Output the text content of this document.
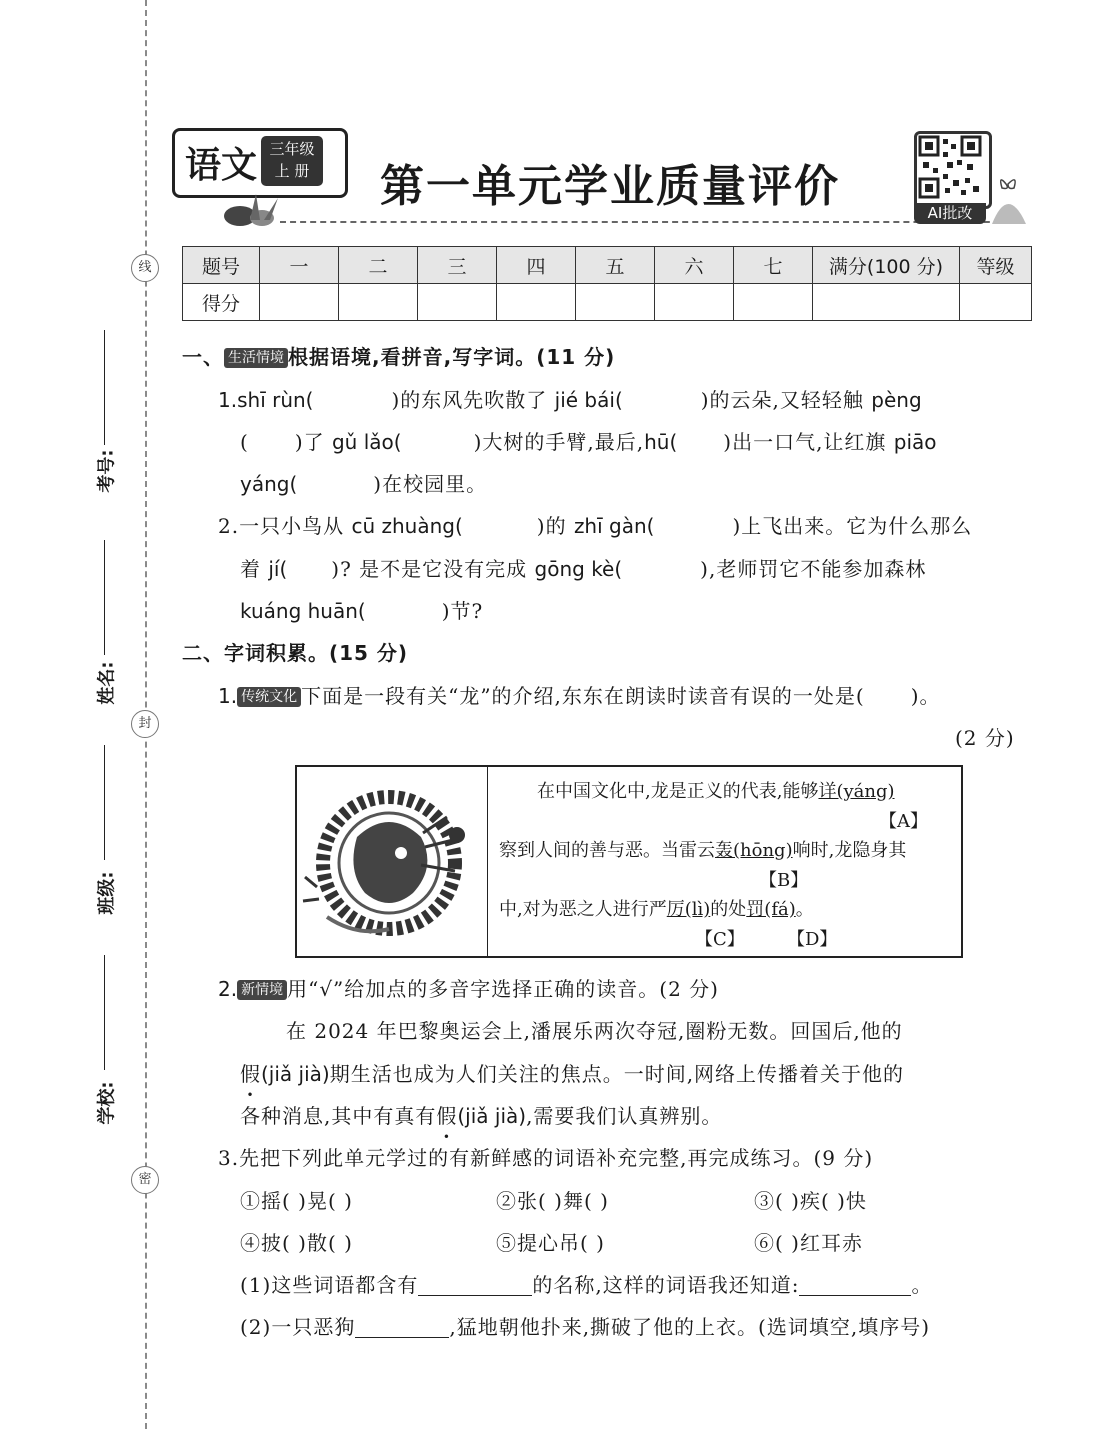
线
封
密
考号:
姓名:
班级:
学校:
语文 三年级
上 册	第一单元学业质量评价
AI批改
题号	一	二	三	四	五	六	七	满分(100 分)	等级
得分									
一、 生活情境 根据语境,看拼音,写字词。(11 分)
1.shī rùn(	)的东风先吹散了 jié bái(	)的云朵,又轻轻触 pèng
( )了 gǔ lǎo(	)大树的手臂,最后,hū( )出一口气,让红旗 piāo
yáng(	)在校园里。
2.一只小鸟从 cū zhuàng(	)的 zhī gàn(	)上飞出来。它为什么那么
着 jí( )? 是不是它没有完成 gōng kè(	),老师罚它不能参加森林
kuáng huān(	)节?
二、字词积累。(15 分)
1. 传统文化 下面是一段有关“龙”的介绍,东东在朗读时读音有误的一处是( )。
(2 分)
在中国文化中,龙是正义的代表,能够详(yáng)
【A】
察到人间的善与恶。当雷云轰(hōng)响时,龙隐身其
【B】
中,对为恶之人进行严厉(lì)的处罚(fá)。
【C】 【D】
2. 新情境 用“√”给加点的多音字选择正确的读音。(2 分)
在 2024 年巴黎奥运会上,潘展乐两次夺冠,圈粉无数。回国后,他的
假(jiǎ jià)期生活也成为人们关注的焦点。一时间,网络上传播着关于他的
各种消息,其中有真有假(jiǎ jià),需要我们认真辨别。
3.先把下列此单元学过的有新鲜感的词语补充完整,再完成练习。(9 分)
①摇( )晃( )	②张( )舞( )	③( )疾( )快
④披( )散( )	⑤提心吊( )	⑥( )红耳赤
(1)这些词语都含有	的名称,这样的词语我还知道:	。
(2)一只恶狗	,猛地朝他扑来,撕破了他的上衣。(选词填空,填序号)
